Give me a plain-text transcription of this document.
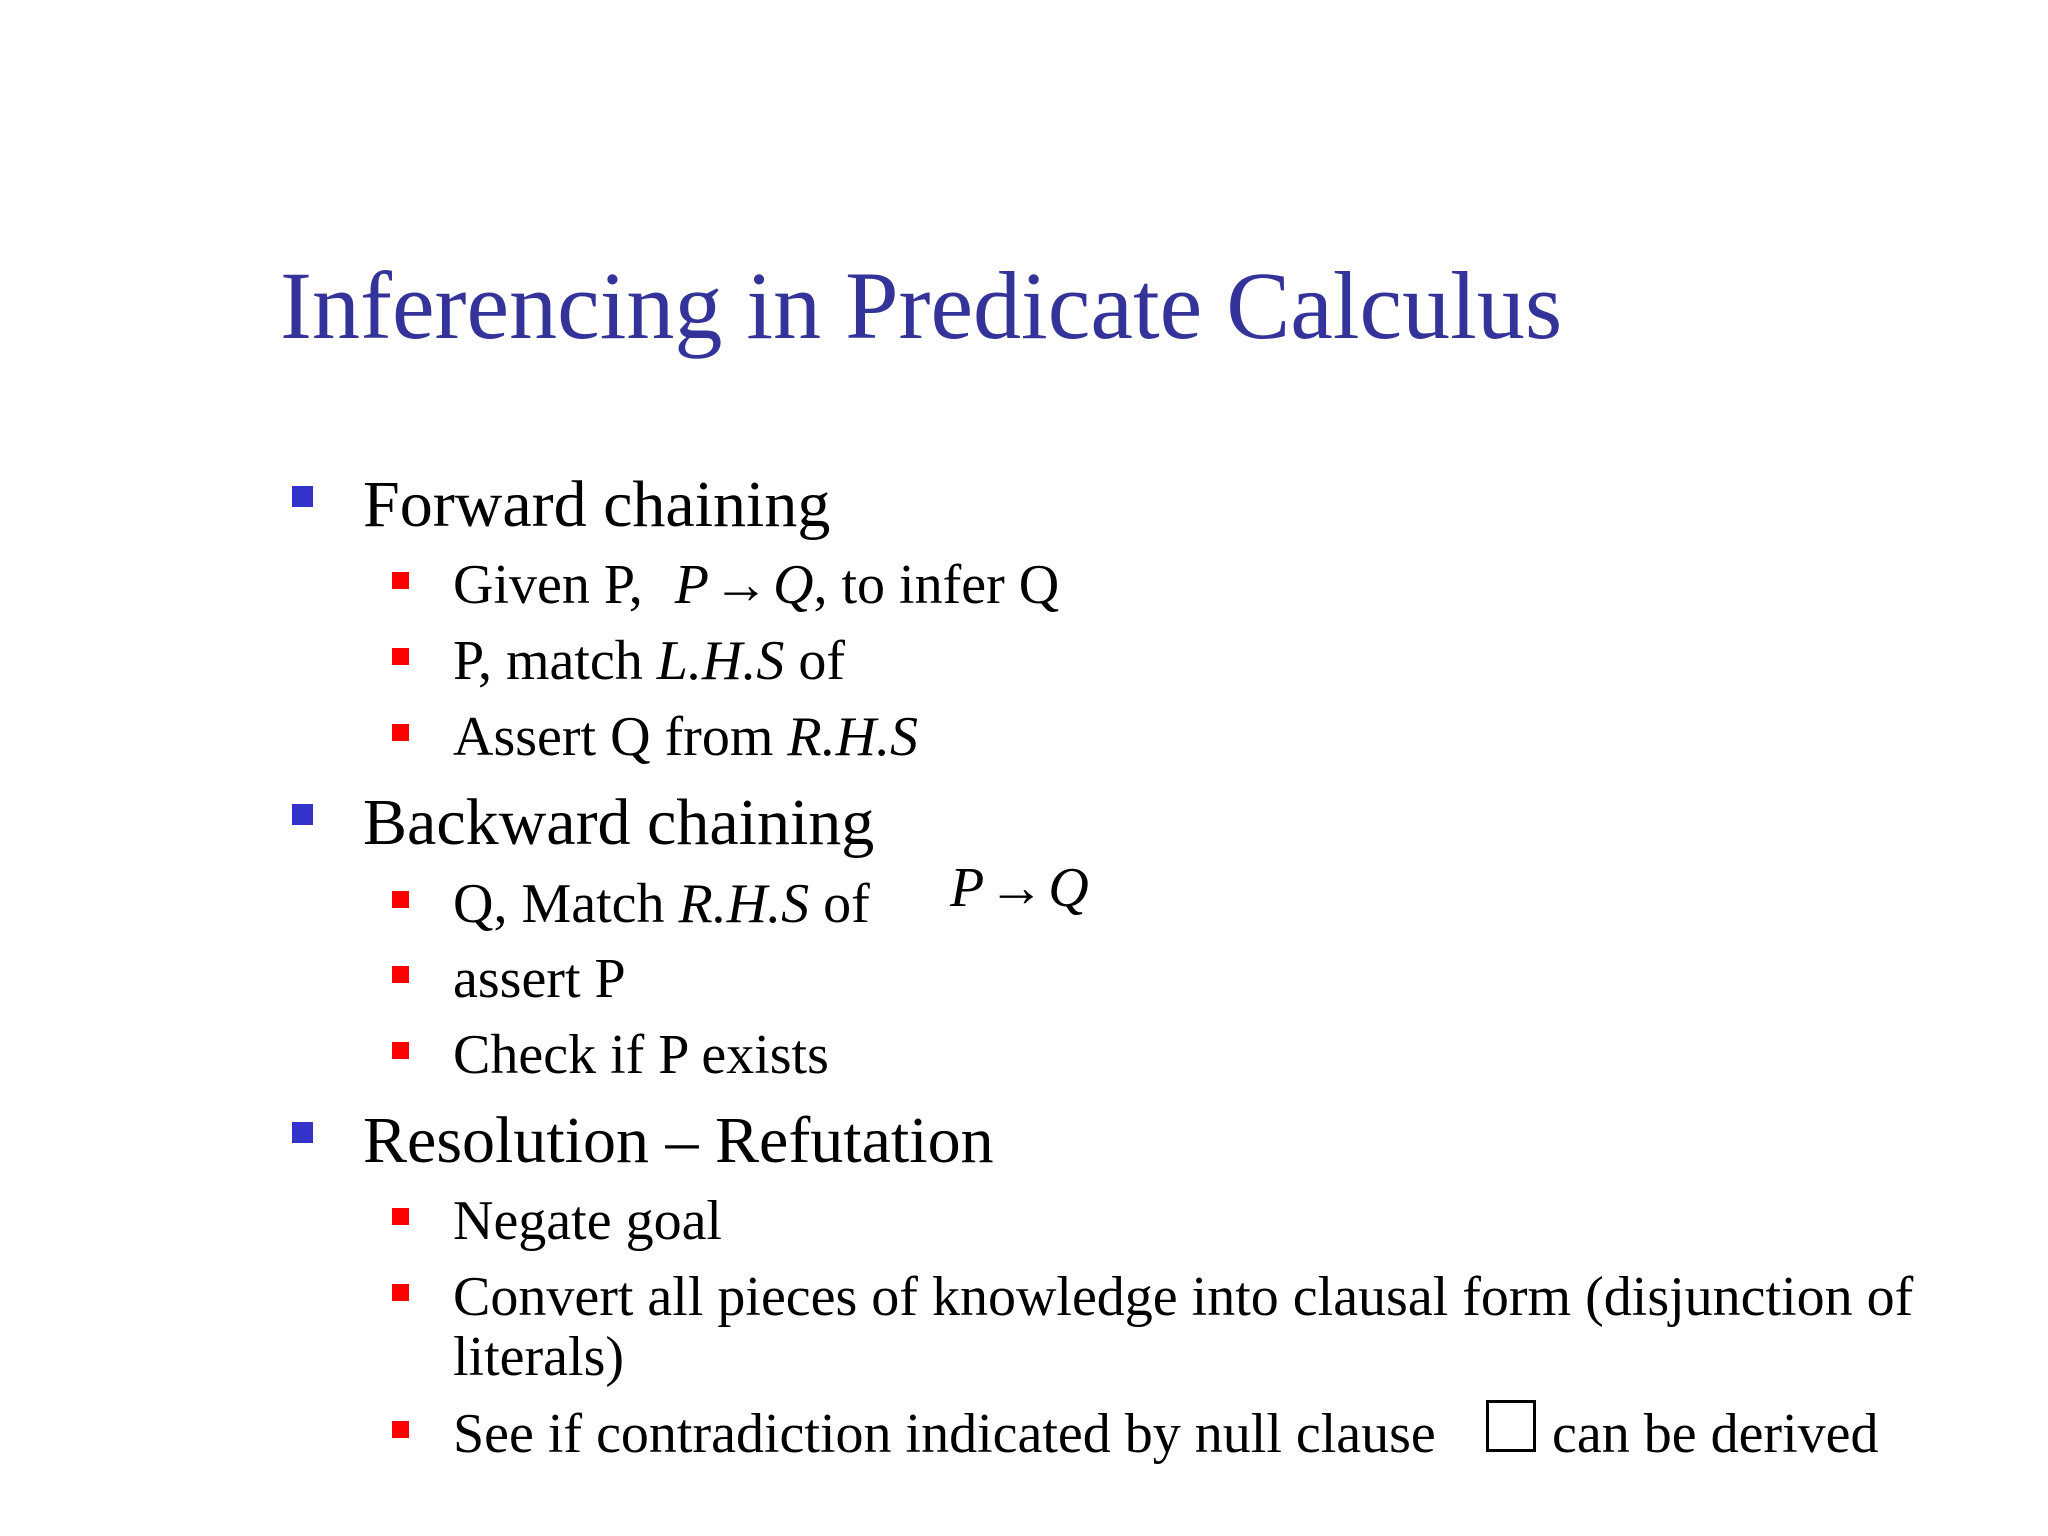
Inferencing in Predicate Calculus
Forward chaining
Given P, P→Q, to infer Q
P, match L.H.S of
Assert Q from R.H.S
Backward chaining
Q, Match R.H.S of P→Q
assert P
Check if P exists
Resolution – Refutation
Negate goal
Convert all pieces of knowledge into clausal form (disjunction of
literals)
See if contradiction indicated by null clause can be derived
